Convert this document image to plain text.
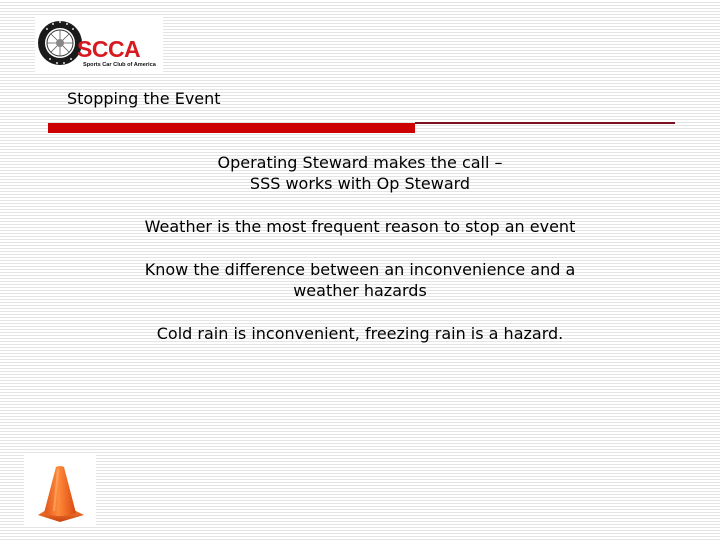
SCCA
Sports Car Club of America
Stopping the Event
Operating Steward makes the call –
SSS works with Op Steward
Weather is the most frequent reason to stop an event
Know the difference between an inconvenience and a
weather hazards
Cold rain is inconvenient, freezing rain is a hazard.
